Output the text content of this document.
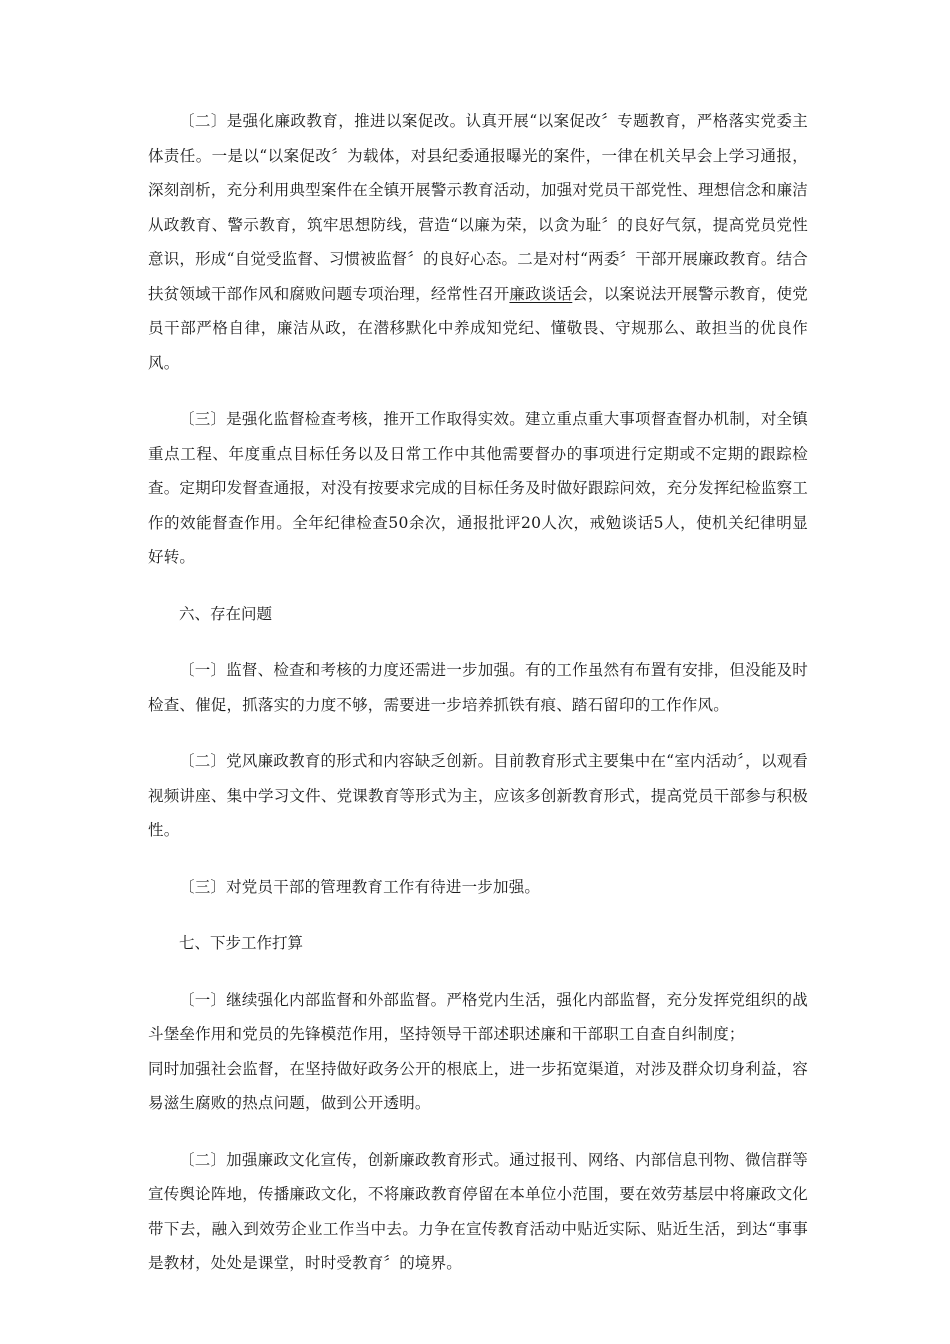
〔二〕是强化廉政教育，推进以案促改。认真开展“以案促改〞专题教育，严格落实党委主体责任。一是以“以案促改〞为载体，对县纪委通报曝光的案件，一律在机关早会上学习通报，深刻剖析，充分利用典型案件在全镇开展警示教育活动，加强对党员干部党性、理想信念和廉洁从政教育、警示教育，筑牢思想防线，营造“以廉为荣，以贪为耻〞的良好气氛，提高党员党性意识，形成“自觉受监督、习惯被监督〞的良好心态。二是对村“两委〞干部开展廉政教育。结合扶贫领域干部作风和腐败问题专项治理，经常性召开廉政谈话会，以案说法开展警示教育，使党员干部严格自律，廉洁从政，在潜移默化中养成知党纪、懂敬畏、守规那么、敢担当的优良作风。

〔三〕是强化监督检查考核，推开工作取得实效。建立重点重大事项督查督办机制，对全镇重点工程、年度重点目标任务以及日常工作中其他需要督办的事项进行定期或不定期的跟踪检查。定期印发督查通报，对没有按要求完成的目标任务及时做好跟踪问效，充分发挥纪检监察工作的效能督查作用。全年纪律检查50余次，通报批评20人次，戒勉谈话5人，使机关纪律明显好转。

六、存在问题

〔一〕监督、检查和考核的力度还需进一步加强。有的工作虽然有布置有安排，但没能及时检查、催促，抓落实的力度不够，需要进一步培养抓铁有痕、踏石留印的工作作风。

〔二〕党风廉政教育的形式和内容缺乏创新。目前教育形式主要集中在“室内活动〞，以观看视频讲座、集中学习文件、党课教育等形式为主，应该多创新教育形式，提高党员干部参与积极性。

〔三〕对党员干部的管理教育工作有待进一步加强。

七、下步工作打算

〔一〕继续强化内部监督和外部监督。严格党内生活，强化内部监督，充分发挥党组织的战斗堡垒作用和党员的先锋模范作用，坚持领导干部述职述廉和干部职工自查自纠制度；

同时加强社会监督，在坚持做好政务公开的根底上，进一步拓宽渠道，对涉及群众切身利益，容易滋生腐败的热点问题，做到公开透明。

〔二〕加强廉政文化宣传，创新廉政教育形式。通过报刊、网络、内部信息刊物、微信群等宣传舆论阵地，传播廉政文化，不将廉政教育停留在本单位小范围，要在效劳基层中将廉政文化带下去，融入到效劳企业工作当中去。力争在宣传教育活动中贴近实际、贴近生活，到达“事事是教材，处处是课堂，时时受教育〞的境界。
